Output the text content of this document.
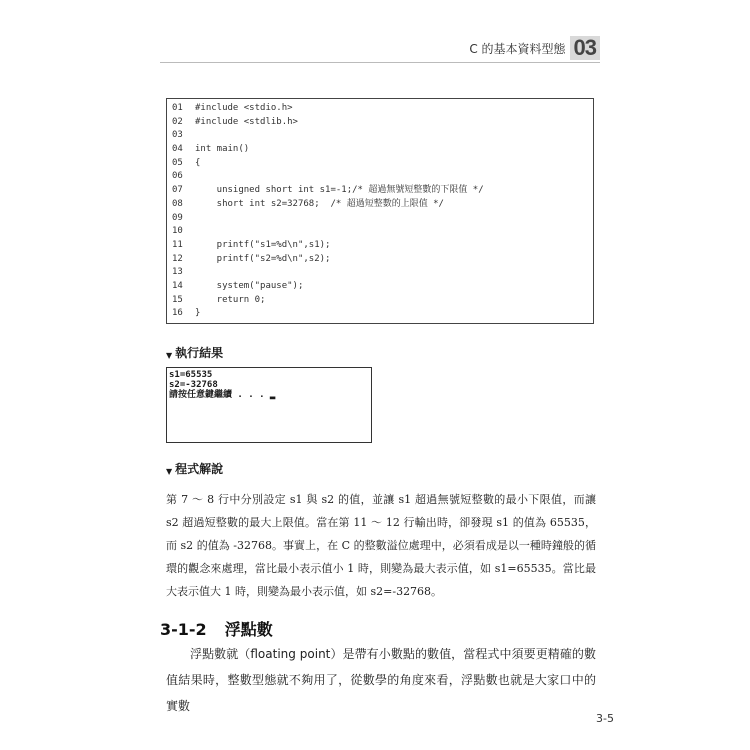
C 的基本資料型態 03
01	#include <stdio.h>
02	#include <stdlib.h>
03
04	int main()
05	{
06
07	unsigned short int s1=-1;/* 超過無號短整數的下限值 */
08	short int s2=32768;  /* 超過短整數的上限值 */
09
10
11	printf("s1=%d\n",s1);
12	printf("s2=%d\n",s2);
13
14	system("pause");
15	return 0;
16	}
▼ 執行結果
s1=65535
s2=-32768
請按任意鍵繼續 . . . ▂
▼ 程式解說
第 7 ～ 8 行中分別設定 s1 與 s2 的值，並讓 s1 超過無號短整數的最小下限值，而讓 s2 超過短整數的最大上限值。當在第 11 ～ 12 行輸出時，卻發現 s1 的值為 65535，而 s2 的值為 -32768。事實上，在 C 的整數溢位處理中，必須看成是以一種時鐘般的循環的觀念來處理，當比最小表示值小 1 時，則變為最大表示值，如 s1=65535。當比最大表示值大 1 時，則變為最小表示值，如 s2=-32768。
3-1-2 浮點數
浮點數就（floating point）是帶有小數點的數值，當程式中須要更精確的數值結果時，整數型態就不夠用了，從數學的角度來看，浮點數也就是大家口中的實數
3-5
